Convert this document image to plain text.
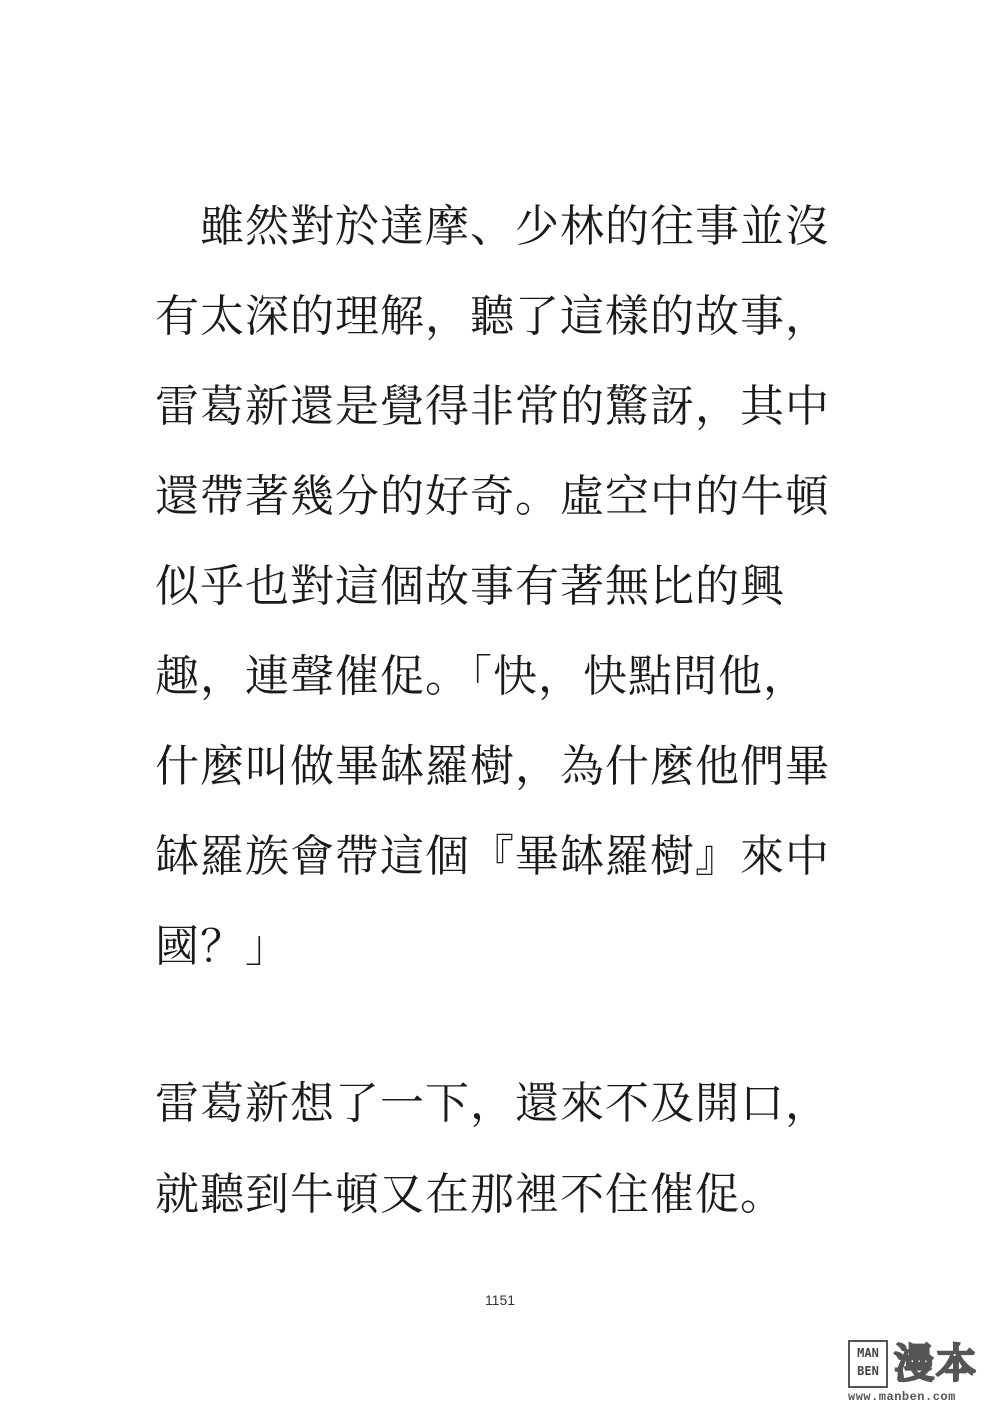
　雖然對於達摩、少林的往事並沒

有太深的理解，聽了這樣的故事，

雷葛新還是覺得非常的驚訝，其中

還帶著幾分的好奇。虛空中的牛頓

似乎也對這個故事有著無比的興

趣，連聲催促。「快，快點問他，

什麼叫做畢缽羅樹，為什麼他們畢

缽羅族會帶這個『畢缽羅樹』來中

國？」

雷葛新想了一下，還來不及開口，

就聽到牛頓又在那裡不住催促。

1151
MAN
BEN 漫本
www.manben.com
